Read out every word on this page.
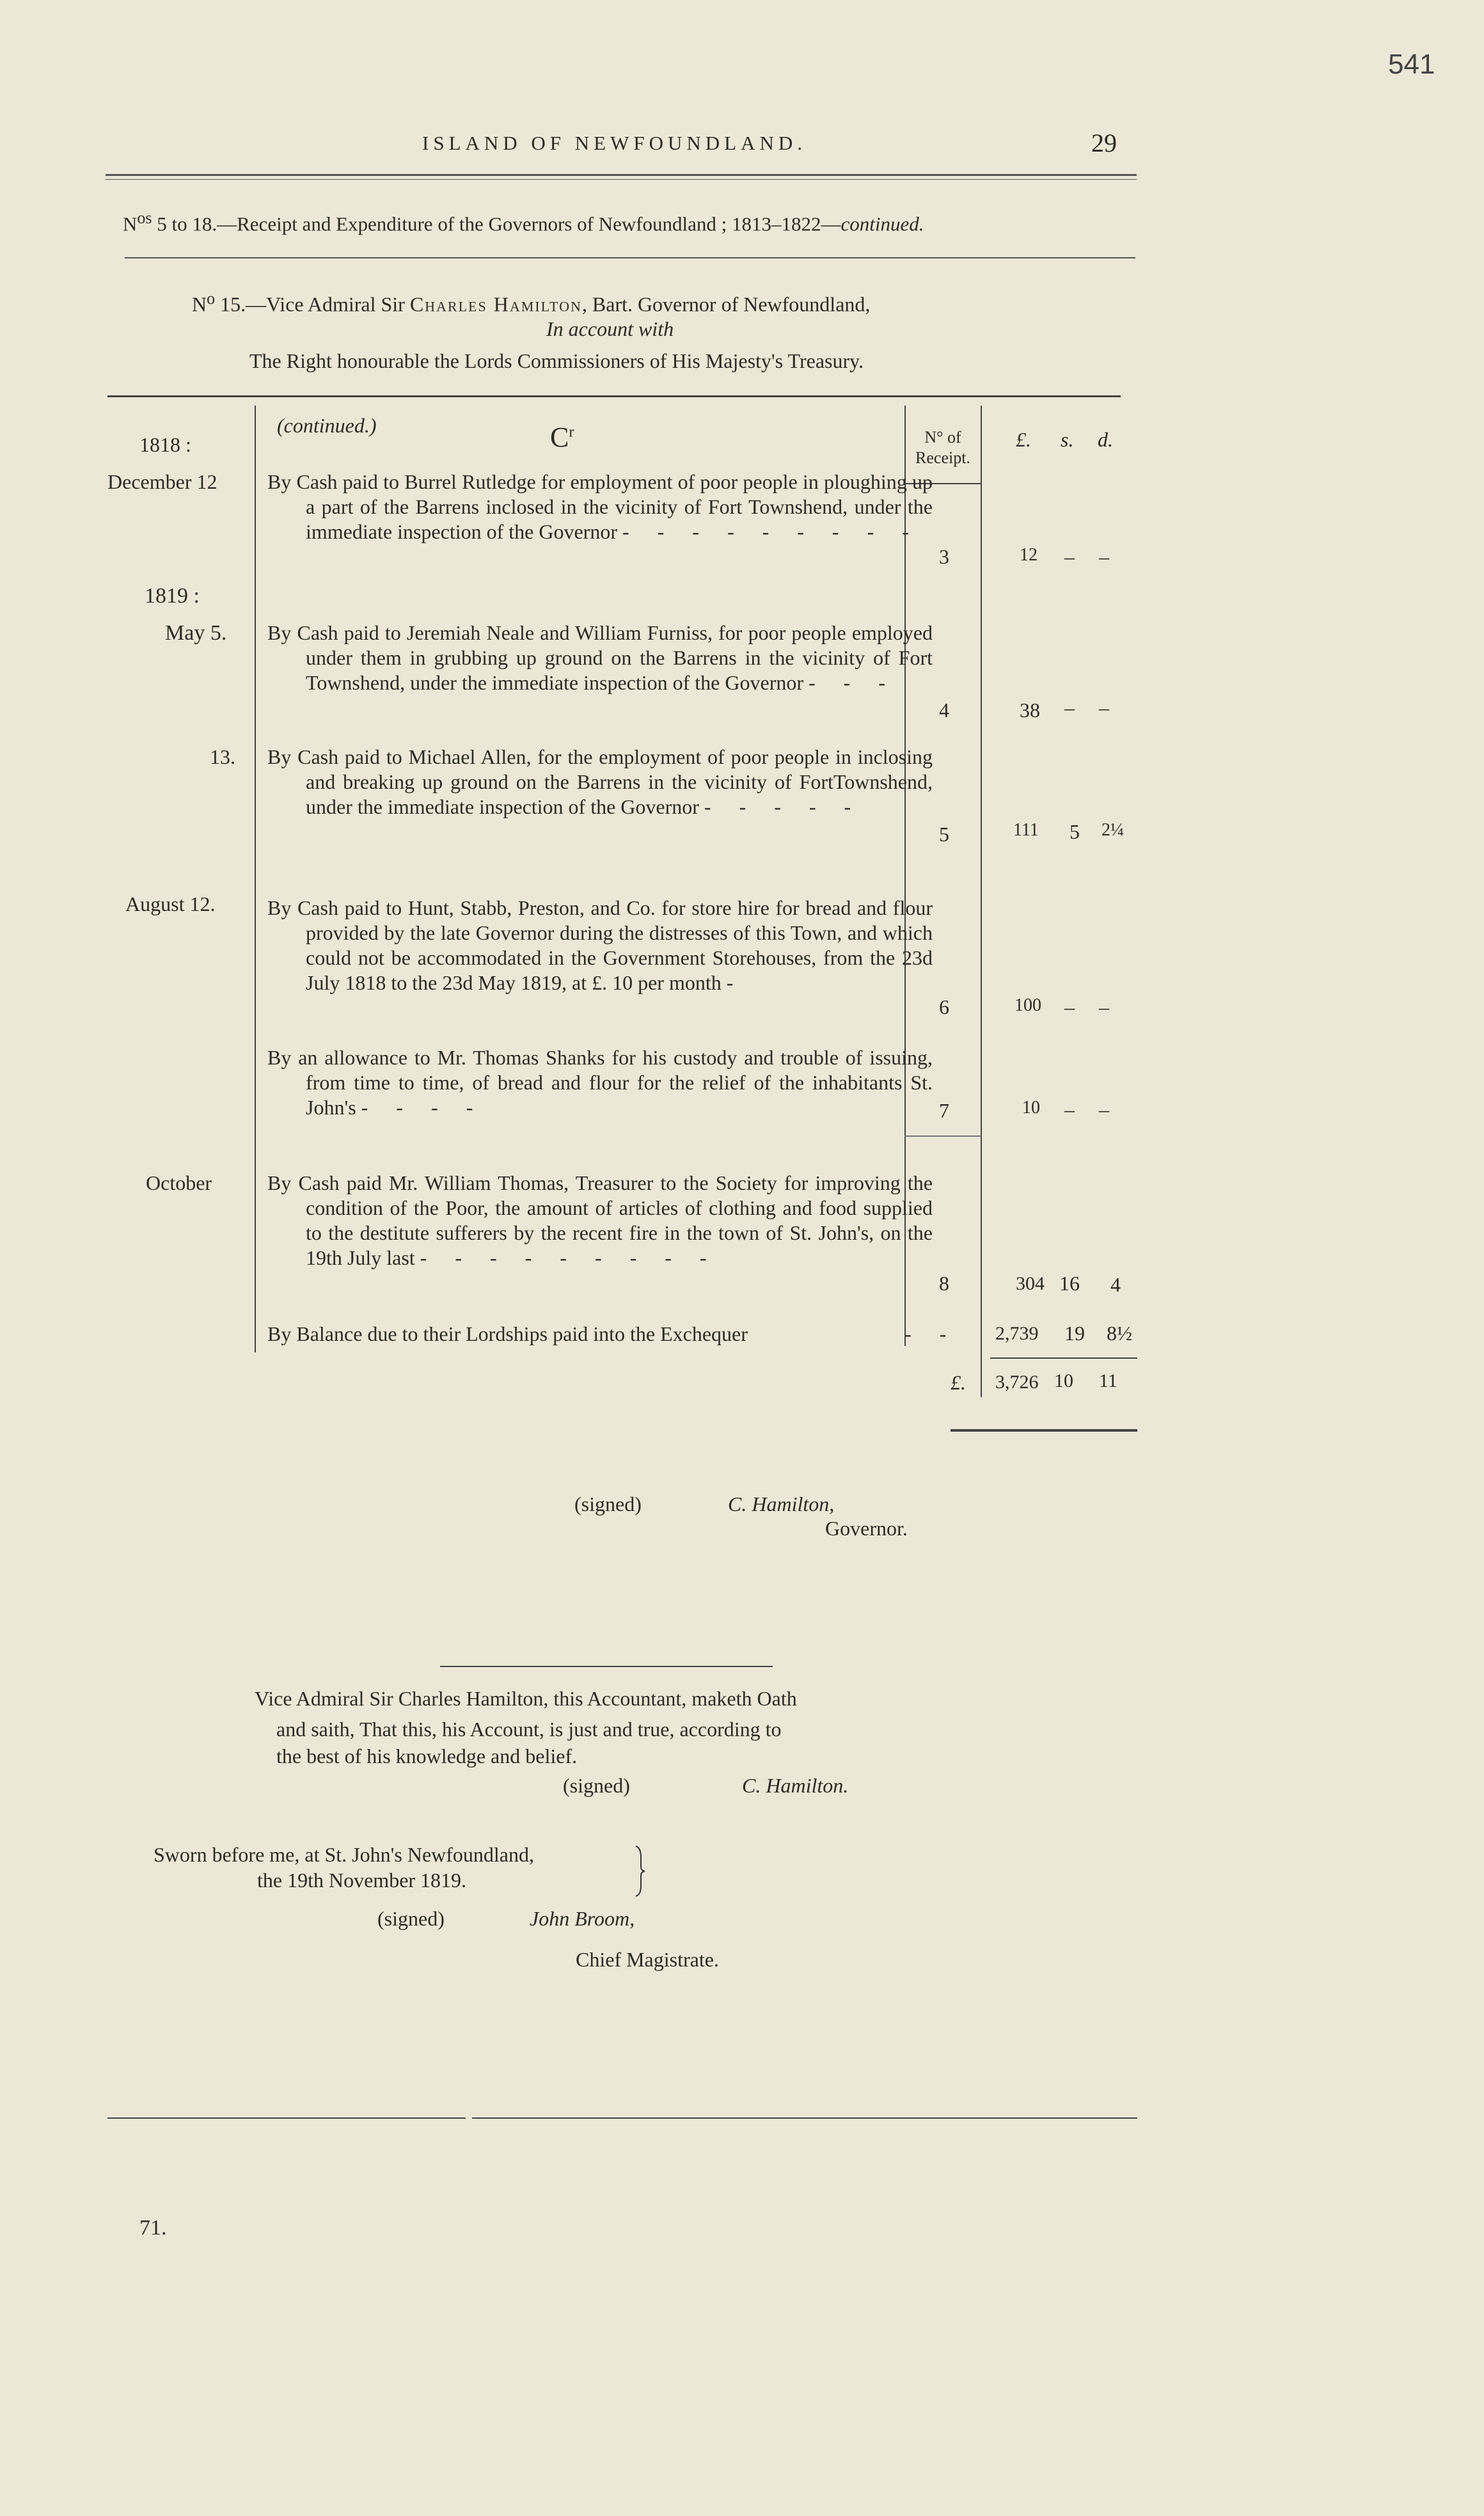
541
ISLAND OF NEWFOUNDLAND.	29
$N^{os}$ 5 to 18.—Receipt and Expenditure of the Governors of Newfoundland ; 1813–1822—continued.
$N^o$ 15.—Vice Admiral Sir Charles Hamilton, Bart. Governor of Newfoundland,
In account with
The Right honourable the Lords Commissioners of His Majesty's Treasury.
1818 :
(continued.)	$C^r$	N° of
Receipt.
£. s. d.
December 12 By Cash paid to Burrel Rutledge for employment of poor people in ploughing up a part of the Barrens inclosed in the vicinity of Fort Townshend, under the immediate inspection of the Governor - - - - - - - - -

3	12 – –
1819 :
May 5. By Cash paid to Jeremiah Neale and William Furniss, for poor people employed under them in grubbing up ground on the Barrens in the vicinity of Fort Townshend, under the immediate inspection of the Governor - - -

4	38 – –
13. By Cash paid to Michael Allen, for the employment of poor people in inclosing and breaking up ground on the Barrens in the vicinity of FortTownshend, under the immediate inspection of the Governor - - - - -

5	111 5 2¼
August 12.	By Cash paid to Hunt, Stabb, Preston, and Co. for store hire for bread and flour provided by the late Governor during the distresses of this Town, and which could not be accommodated in the Government Storehouses, from the 23d July 1818 to the 23d May 1819, at £. 10 per month -

6	100 – –

By an allowance to Mr. Thomas Shanks for his custody and trouble of issuing, from time to time, of bread and flour for the relief of the inhabitants St. John's - - - -	7	10 – –
October	By Cash paid Mr. William Thomas, Treasurer to the Society for improving the condition of the Poor, the amount of articles of clothing and food supplied to the destitute sufferers by the recent fire in the town of St. John's, on the 19th July last - - - - - - - - -

8	304 16 4
By Balance due to their Lordships paid into the Exchequer	- - 2,739 19 8½
£. 3,726 10 11
(signed)	C. Hamilton,
Governor.
Vice Admiral Sir Charles Hamilton, this Accountant, maketh Oath
and saith, That this, his Account, is just and true, according to
the best of his knowledge and belief.
(signed)	C. Hamilton.
Sworn before me, at St. John's Newfoundland,
the 19th November 1819.
(signed)	John Broom,
Chief Magistrate.
71.
